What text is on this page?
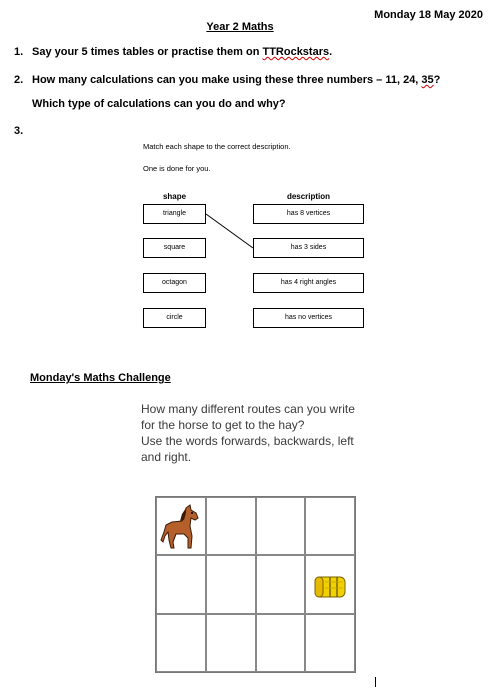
Monday 18 May 2020
Year 2 Maths
1. Say your 5 times tables or practise them on TTRockstars.
2. How many calculations can you make using these three numbers – 11, 24, 35?
Which type of calculations can you do and why?
3.
Match each shape to the correct description.
One is done for you.
shape	description
triangle
square
octagon
circle
has 8 vertices
has 3 sides
has 4 right angles
has no vertices
Monday's Maths Challenge
How many different routes can you write
for the horse to get to the hay?
Use the words forwards, backwards, left
and right.
